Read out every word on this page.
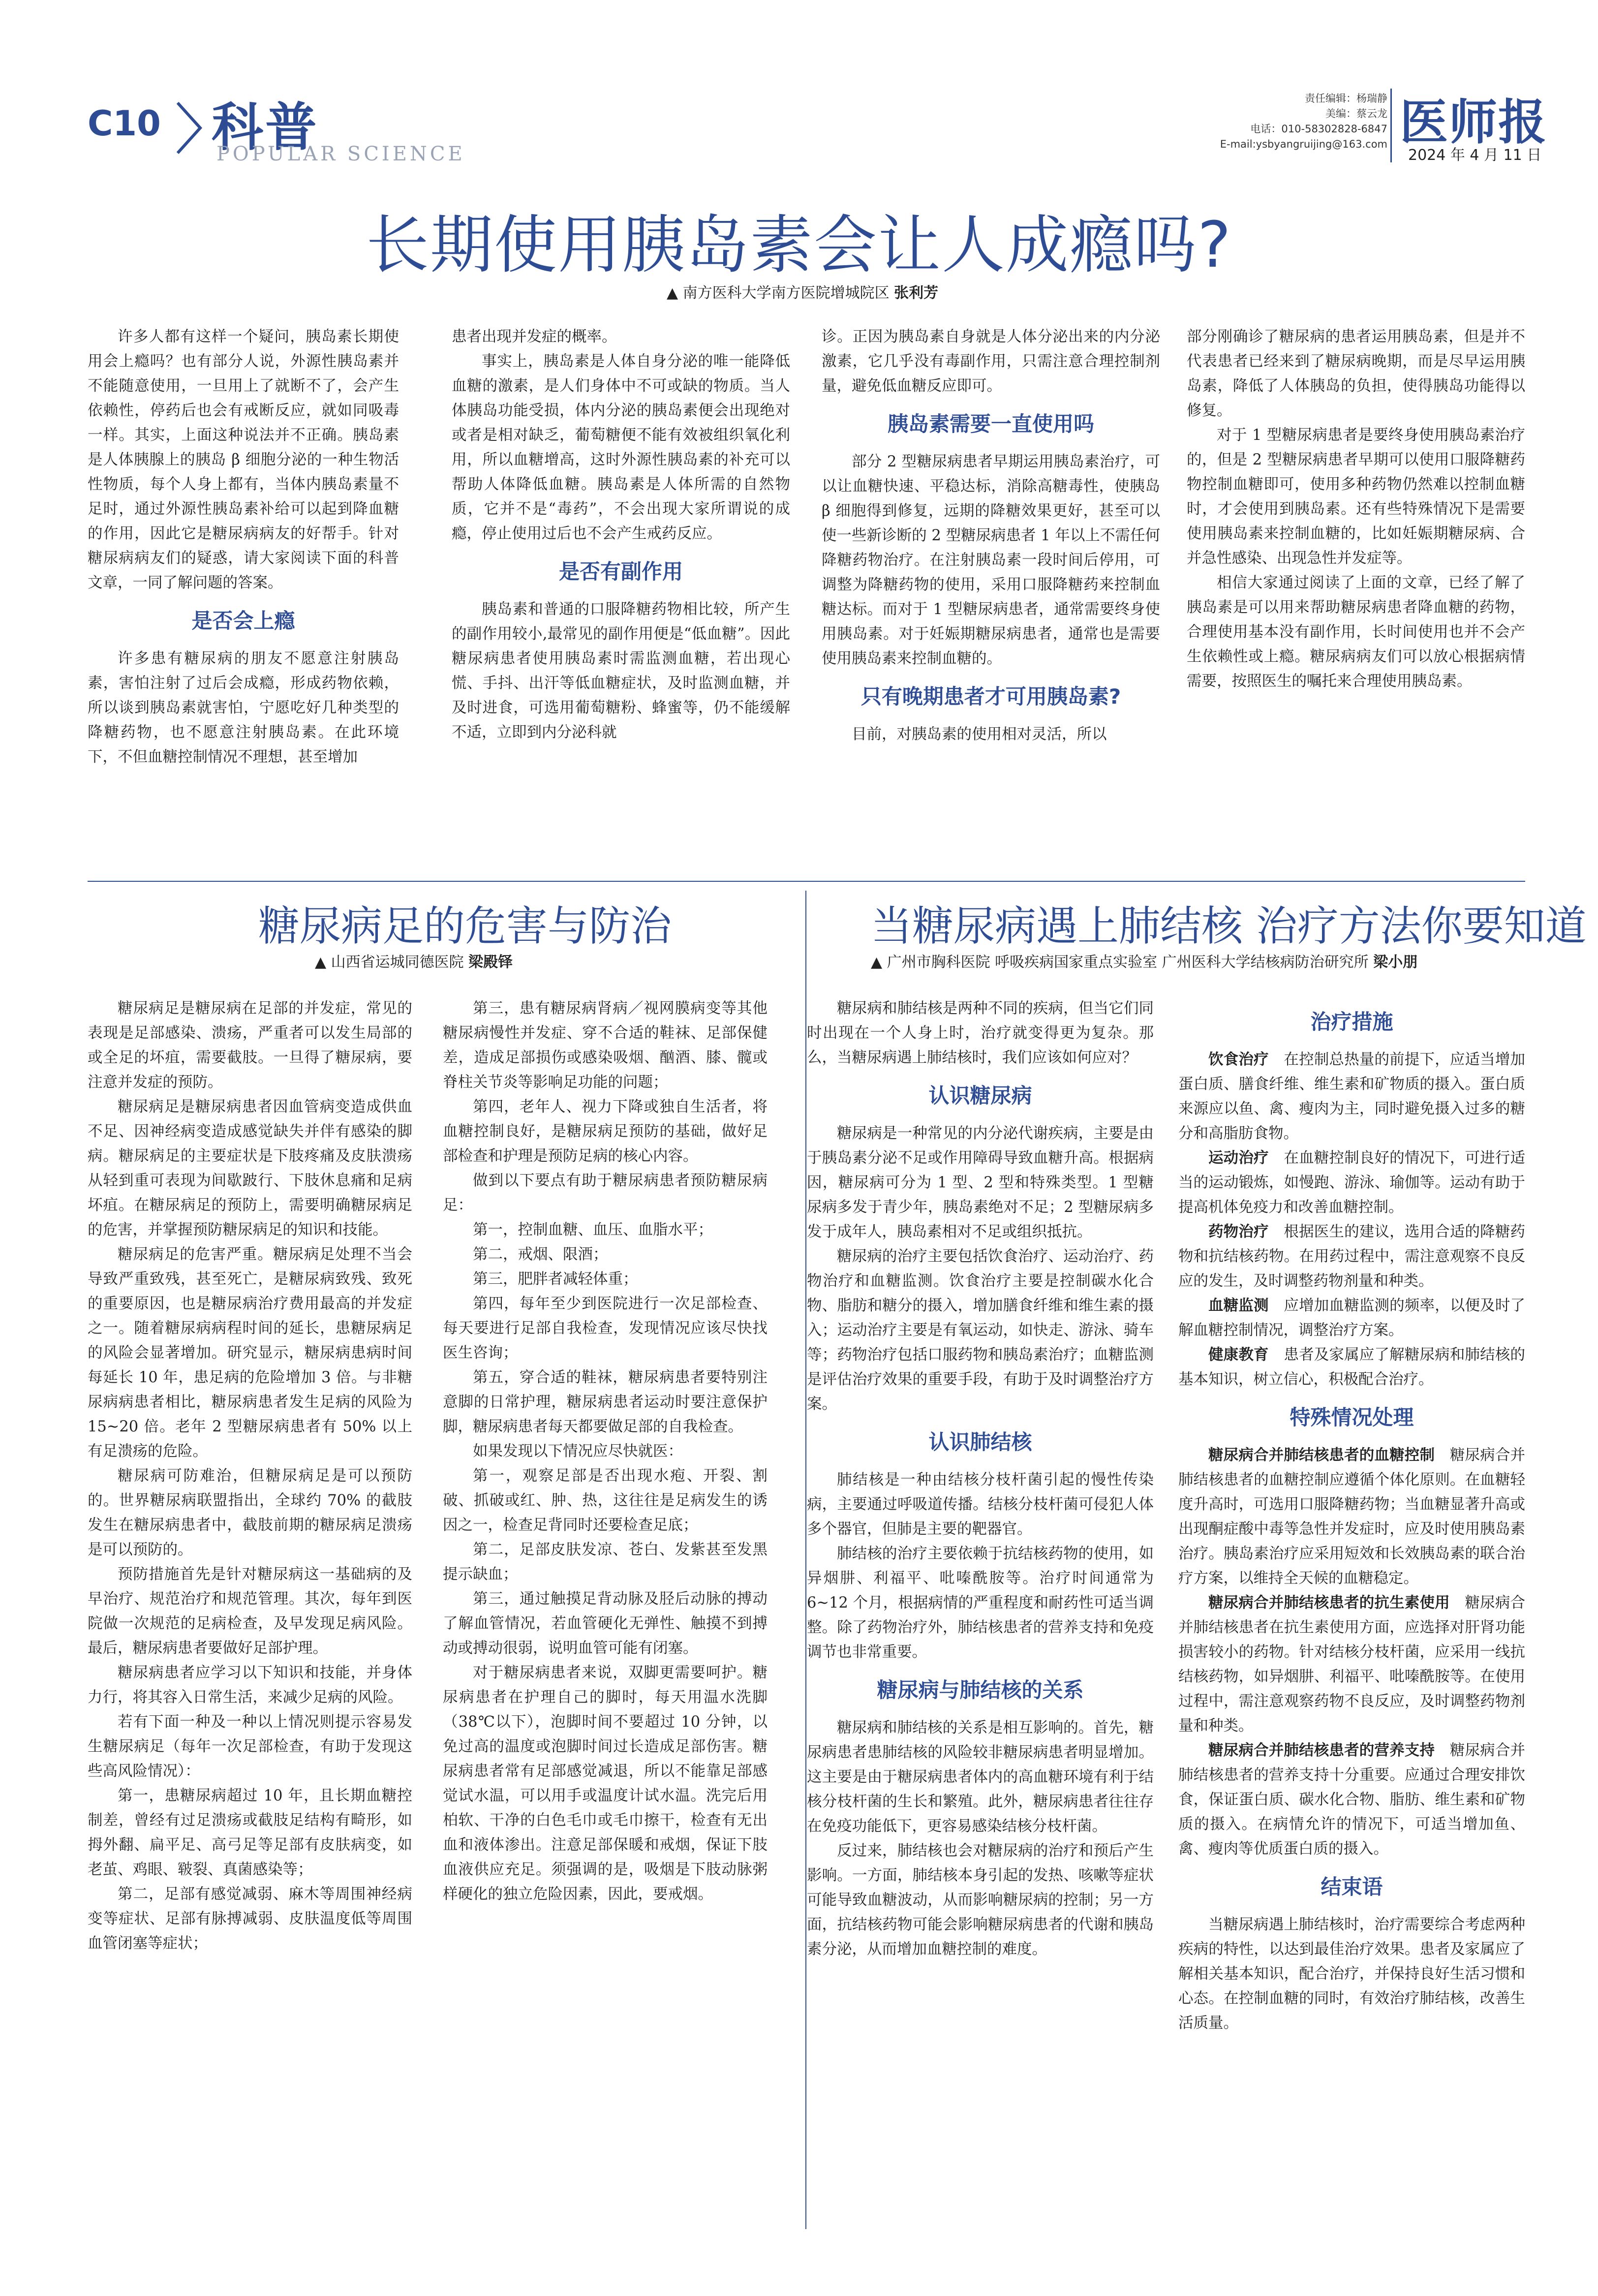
C10 科普
POPULAR SCIENCE
责任编辑：杨瑞静
美编：蔡云龙
电话：010-58302828-6847
E-mail:ysbyangruijing@163.com 医师报
2024 年 4 月 11 日
长期使用胰岛素会让人成瘾吗?
▲ 南方医科大学南方医院增城院区 张利芳

许多人都有这样一个疑问，胰岛素长期使用会上瘾吗？也有部分人说，外源性胰岛素并不能随意使用，一旦用上了就断不了，会产生依赖性，停药后也会有戒断反应，就如同吸毒一样。其实，上面这种说法并不正确。胰岛素是人体胰腺上的胰岛 β 细胞分泌的一种生物活性物质，每个人身上都有，当体内胰岛素量不足时，通过外源性胰岛素补给可以起到降血糖的作用，因此它是糖尿病病友的好帮手。针对糖尿病病友们的疑惑，请大家阅读下面的科普文章，一同了解问题的答案。

是否会上瘾

许多患有糖尿病的朋友不愿意注射胰岛素，害怕注射了过后会成瘾，形成药物依赖，所以谈到胰岛素就害怕，宁愿吃好几种类型的降糖药物，也不愿意注射胰岛素。在此环境下，不但血糖控制情况不理想，甚至增加

患者出现并发症的概率。

事实上，胰岛素是人体自身分泌的唯一能降低血糖的激素，是人们身体中不可或缺的物质。当人体胰岛功能受损，体内分泌的胰岛素便会出现绝对或者是相对缺乏，葡萄糖便不能有效被组织氧化利用，所以血糖增高，这时外源性胰岛素的补充可以帮助人体降低血糖。胰岛素是人体所需的自然物质，它并不是“毒药”，不会出现大家所谓说的成瘾，停止使用过后也不会产生戒药反应。

是否有副作用

胰岛素和普通的口服降糖药物相比较，所产生的副作用较小,最常见的副作用便是“低血糖”。因此糖尿病患者使用胰岛素时需监测血糖，若出现心慌、手抖、出汗等低血糖症状，及时监测血糖，并及时进食，可选用葡萄糖粉、蜂蜜等，仍不能缓解不适，立即到内分泌科就

诊。正因为胰岛素自身就是人体分泌出来的内分泌激素，它几乎没有毒副作用，只需注意合理控制剂量，避免低血糖反应即可。

胰岛素需要一直使用吗

部分 2 型糖尿病患者早期运用胰岛素治疗，可以让血糖快速、平稳达标，消除高糖毒性，使胰岛 β 细胞得到修复，远期的降糖效果更好，甚至可以使一些新诊断的 2 型糖尿病患者 1 年以上不需任何降糖药物治疗。在注射胰岛素一段时间后停用，可调整为降糖药物的使用，采用口服降糖药来控制血糖达标。而对于 1 型糖尿病患者，通常需要终身使用胰岛素。对于妊娠期糖尿病患者，通常也是需要使用胰岛素来控制血糖的。

只有晚期患者才可用胰岛素?

目前，对胰岛素的使用相对灵活，所以

部分刚确诊了糖尿病的患者运用胰岛素，但是并不代表患者已经来到了糖尿病晚期，而是尽早运用胰岛素，降低了人体胰岛的负担，使得胰岛功能得以修复。

对于 1 型糖尿病患者是要终身使用胰岛素治疗的，但是 2 型糖尿病患者早期可以使用口服降糖药物控制血糖即可，使用多种药物仍然难以控制血糖时，才会使用到胰岛素。还有些特殊情况下是需要使用胰岛素来控制血糖的，比如妊娠期糖尿病、合并急性感染、出现急性并发症等。

相信大家通过阅读了上面的文章，已经了解了胰岛素是可以用来帮助糖尿病患者降血糖的药物，合理使用基本没有副作用，长时间使用也并不会产生依赖性或上瘾。糖尿病病友们可以放心根据病情需要，按照医生的嘱托来合理使用胰岛素。

糖尿病足的危害与防治
▲ 山西省运城同德医院 梁殿铎

糖尿病足是糖尿病在足部的并发症，常见的表现是足部感染、溃疡，严重者可以发生局部的或全足的坏疽，需要截肢。一旦得了糖尿病，要注意并发症的预防。

糖尿病足是糖尿病患者因血管病变造成供血不足、因神经病变造成感觉缺失并伴有感染的脚病。糖尿病足的主要症状是下肢疼痛及皮肤溃疡从轻到重可表现为间歇跛行、下肢休息痛和足病坏疽。在糖尿病足的预防上，需要明确糖尿病足的危害，并掌握预防糖尿病足的知识和技能。

糖尿病足的危害严重。糖尿病足处理不当会导致严重致残，甚至死亡，是糖尿病致残、致死的重要原因，也是糖尿病治疗费用最高的并发症之一。随着糖尿病病程时间的延长，患糖尿病足的风险会显著增加。研究显示，糖尿病患病时间每延长 10 年，患足病的危险增加 3 倍。与非糖尿病病患者相比，糖尿病患者发生足病的风险为 15~20 倍。老年 2 型糖尿病患者有 50% 以上有足溃疡的危险。

糖尿病可防难治，但糖尿病足是可以预防的。世界糖尿病联盟指出，全球约 70% 的截肢发生在糖尿病患者中，截肢前期的糖尿病足溃疡是可以预防的。

预防措施首先是针对糖尿病这一基础病的及早治疗、规范治疗和规范管理。其次，每年到医院做一次规范的足病检查，及早发现足病风险。最后，糖尿病患者要做好足部护理。

糖尿病患者应学习以下知识和技能，并身体力行，将其容入日常生活，来减少足病的风险。

若有下面一种及一种以上情况则提示容易发生糖尿病足（每年一次足部检查，有助于发现这些高风险情况）：

第一，患糖尿病超过 10 年，且长期血糖控制差，曾经有过足溃疡或截肢足结构有畸形，如拇外翻、扁平足、高弓足等足部有皮肤病变，如老茧、鸡眼、皲裂、真菌感染等；

第二，足部有感觉减弱、麻木等周围神经病变等症状、足部有脉搏减弱、皮肤温度低等周围血管闭塞等症状；

第三，患有糖尿病肾病／视网膜病变等其他糖尿病慢性并发症、穿不合适的鞋袜、足部保健差，造成足部损伤或感染吸烟、酗酒、膝、髋或脊柱关节炎等影响足功能的问题；

第四，老年人、视力下降或独自生活者，将血糖控制良好，是糖尿病足预防的基础，做好足部检查和护理是预防足病的核心内容。

做到以下要点有助于糖尿病患者预防糖尿病足：

第一，控制血糖、血压、血脂水平；

第二，戒烟、限酒；

第三，肥胖者减轻体重；

第四，每年至少到医院进行一次足部检查、每天要进行足部自我检查，发现情况应该尽快找医生咨询；

第五，穿合适的鞋袜，糖尿病患者要特别注意脚的日常护理，糖尿病患者运动时要注意保护脚，糖尿病患者每天都要做足部的自我检查。

如果发现以下情况应尽快就医：

第一，观察足部是否出现水疱、开裂、割破、抓破或红、肿、热，这往往是足病发生的诱因之一，检查足背同时还要检查足底；

第二，足部皮肤发凉、苍白、发紫甚至发黑提示缺血；

第三，通过触摸足背动脉及胫后动脉的搏动了解血管情况，若血管硬化无弹性、触摸不到搏动或搏动很弱，说明血管可能有闭塞。

对于糖尿病患者来说，双脚更需要呵护。糖尿病患者在护理自己的脚时，每天用温水洗脚（38℃以下），泡脚时间不要超过 10 分钟，以免过高的温度或泡脚时间过长造成足部伤害。糖尿病患者常有足部感觉减退，所以不能靠足部感觉试水温，可以用手或温度计试水温。洗完后用柏软、干净的白色毛巾或毛巾擦干，检查有无出血和液体渗出。注意足部保暖和戒烟，保证下肢血液供应充足。须强调的是，吸烟是下肢动脉粥样硬化的独立危险因素，因此，要戒烟。

当糖尿病遇上肺结核 治疗方法你要知道
▲ 广州市胸科医院 呼吸疾病国家重点实验室 广州医科大学结核病防治研究所 梁小朋

糖尿病和肺结核是两种不同的疾病，但当它们同时出现在一个人身上时，治疗就变得更为复杂。那么，当糖尿病遇上肺结核时，我们应该如何应对？

认识糖尿病

糖尿病是一种常见的内分泌代谢疾病，主要是由于胰岛素分泌不足或作用障碍导致血糖升高。根据病因，糖尿病可分为 1 型、2 型和特殊类型。1 型糖尿病多发于青少年，胰岛素绝对不足；2 型糖尿病多发于成年人，胰岛素相对不足或组织抵抗。

糖尿病的治疗主要包括饮食治疗、运动治疗、药物治疗和血糖监测。饮食治疗主要是控制碳水化合物、脂肪和糖分的摄入，增加膳食纤维和维生素的摄入；运动治疗主要是有氧运动，如快走、游泳、骑车等；药物治疗包括口服药物和胰岛素治疗；血糖监测是评估治疗效果的重要手段，有助于及时调整治疗方案。

认识肺结核

肺结核是一种由结核分枝杆菌引起的慢性传染病，主要通过呼吸道传播。结核分枝杆菌可侵犯人体多个器官，但肺是主要的靶器官。

肺结核的治疗主要依赖于抗结核药物的使用，如异烟肼、利福平、吡嗪酰胺等。治疗时间通常为 6~12 个月，根据病情的严重程度和耐药性可适当调整。除了药物治疗外，肺结核患者的营养支持和免疫调节也非常重要。

糖尿病与肺结核的关系

糖尿病和肺结核的关系是相互影响的。首先，糖尿病患者患肺结核的风险较非糖尿病患者明显增加。这主要是由于糖尿病患者体内的高血糖环境有利于结核分枝杆菌的生长和繁殖。此外，糖尿病患者往往存在免疫功能低下，更容易感染结核分枝杆菌。

反过来，肺结核也会对糖尿病的治疗和预后产生影响。一方面，肺结核本身引起的发热、咳嗽等症状可能导致血糖波动，从而影响糖尿病的控制；另一方面，抗结核药物可能会影响糖尿病患者的代谢和胰岛素分泌，从而增加血糖控制的难度。

治疗措施

饮食治疗　 在控制总热量的前提下，应适当增加蛋白质、膳食纤维、维生素和矿物质的摄入。蛋白质来源应以鱼、禽、瘦肉为主，同时避免摄入过多的糖分和高脂肪食物。

运动治疗　 在血糖控制良好的情况下，可进行适当的运动锻炼，如慢跑、游泳、瑜伽等。运动有助于提高机体免疫力和改善血糖控制。

药物治疗　 根据医生的建议，选用合适的降糖药物和抗结核药物。在用药过程中，需注意观察不良反应的发生，及时调整药物剂量和种类。

血糖监测　 应增加血糖监测的频率，以便及时了解血糖控制情况，调整治疗方案。

健康教育　 患者及家属应了解糖尿病和肺结核的基本知识，树立信心，积极配合治疗。

特殊情况处理

糖尿病合并肺结核患者的血糖控制　 糖尿病合并肺结核患者的血糖控制应遵循个体化原则。在血糖轻度升高时，可选用口服降糖药物；当血糖显著升高或出现酮症酸中毒等急性并发症时，应及时使用胰岛素治疗。胰岛素治疗应采用短效和长效胰岛素的联合治疗方案，以维持全天候的血糖稳定。

糖尿病合并肺结核患者的抗生素使用　 糖尿病合并肺结核患者在抗生素使用方面，应选择对肝肾功能损害较小的药物。针对结核分枝杆菌，应采用一线抗结核药物，如异烟肼、利福平、吡嗪酰胺等。在使用过程中，需注意观察药物不良反应，及时调整药物剂量和种类。

糖尿病合并肺结核患者的营养支持　 糖尿病合并肺结核患者的营养支持十分重要。应通过合理安排饮食，保证蛋白质、碳水化合物、脂肪、维生素和矿物质的摄入。在病情允许的情况下，可适当增加鱼、禽、瘦肉等优质蛋白质的摄入。

结束语

当糖尿病遇上肺结核时，治疗需要综合考虑两种疾病的特性，以达到最佳治疗效果。患者及家属应了解相关基本知识，配合治疗，并保持良好生活习惯和心态。在控制血糖的同时，有效治疗肺结核，改善生活质量。
